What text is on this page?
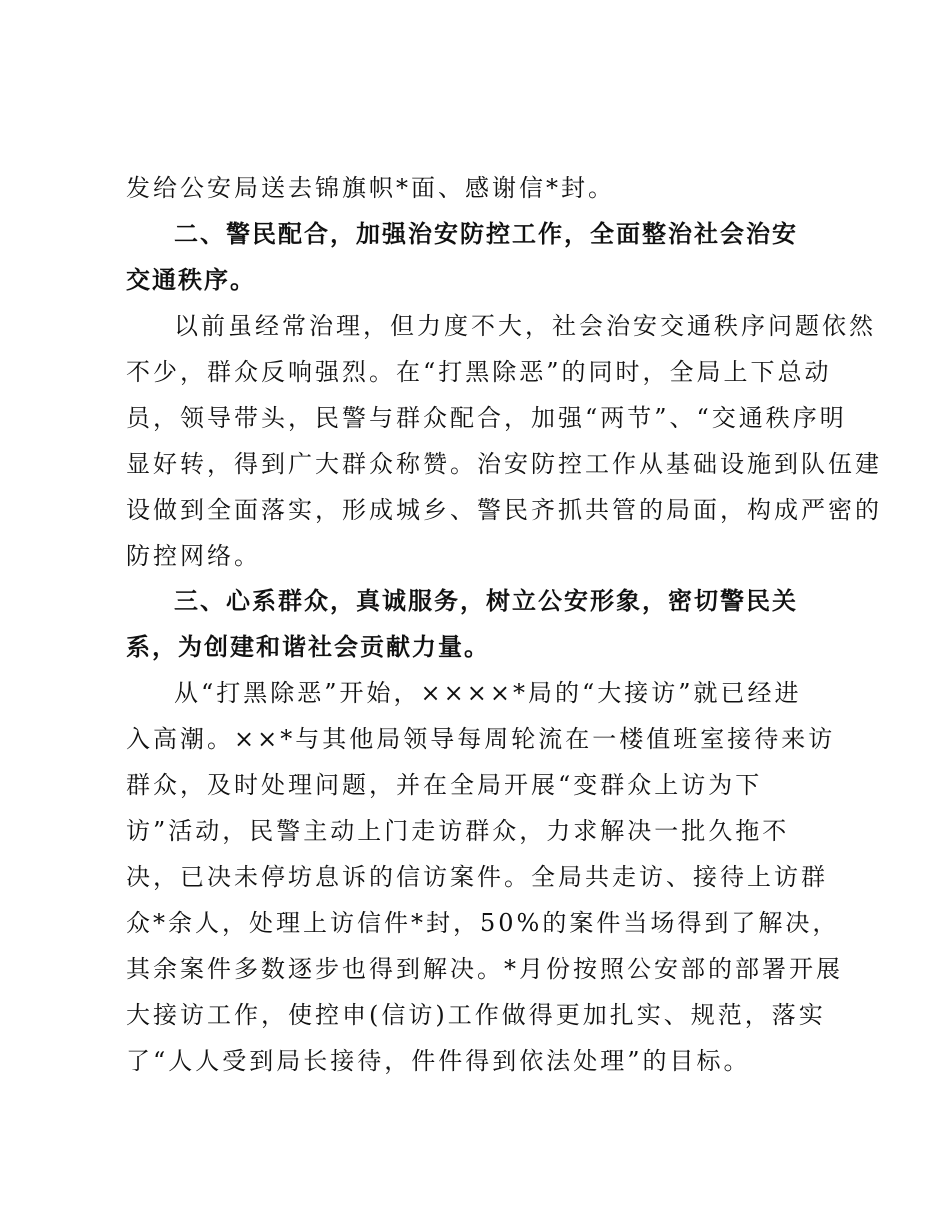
发给公安局送去锦旗帜*面、感谢信*封。
二、警民配合，加强治安防控工作，全面整治社会治安
交通秩序。
以前虽经常治理，但力度不大，社会治安交通秩序问题依然
不少，群众反响强烈。在“打黑除恶”的同时，全局上下总动
员，领导带头，民警与群众配合，加强“两节”、“交通秩序明
显好转，得到广大群众称赞。治安防控工作从基础设施到队伍建
设做到全面落实，形成城乡、警民齐抓共管的局面，构成严密的
防控网络。
三、心系群众，真诚服务，树立公安形象，密切警民关
系，为创建和谐社会贡献力量。
从“打黑除恶”开始，××××*局的“大接访”就已经进
入高潮。××*与其他局领导每周轮流在一楼值班室接待来访
群众，及时处理问题，并在全局开展“变群众上访为下
访”活动，民警主动上门走访群众，力求解决一批久拖不
决，已决未停坊息诉的信访案件。全局共走访、接待上访群
众*余人，处理上访信件*封，50%的案件当场得到了解决，
其余案件多数逐步也得到解决。*月份按照公安部的部署开展
大接访工作，使控申(信访)工作做得更加扎实、规范，落实
了“人人受到局长接待，件件得到依法处理”的目标。
